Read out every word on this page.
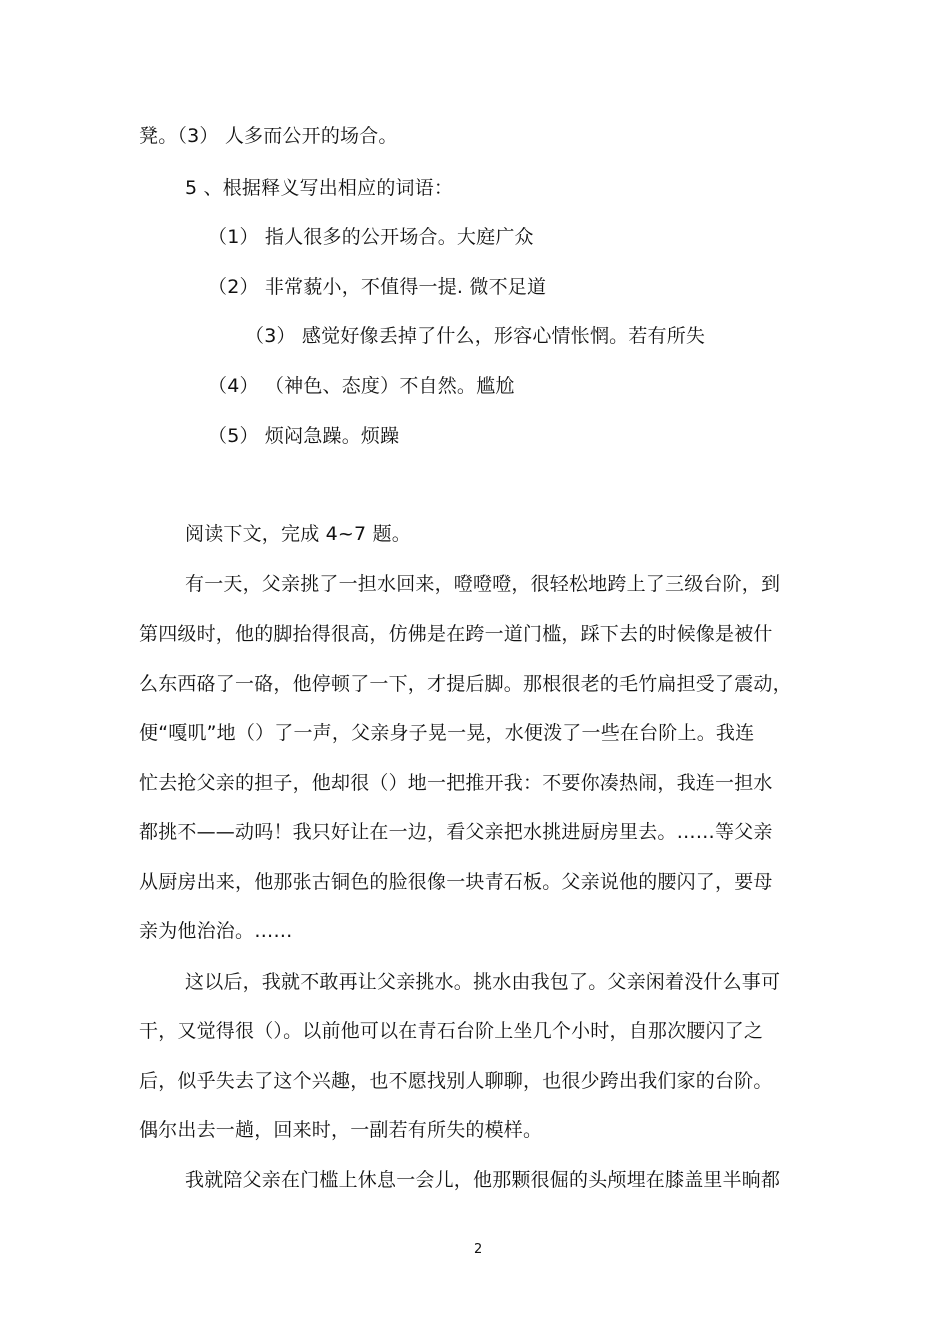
凳。（3） 人多而公开的场合。
5 、根据释义写出相应的词语：
（1） 指人很多的公开场合。大庭广众
（2） 非常藐小，不值得一提. 微不足道
（3） 感觉好像丢掉了什么，形容心情怅惘。若有所失
（4） （神色、态度）不自然。尴尬
（5） 烦闷急躁。烦躁
阅读下文，完成 4~7 题。
有一天，父亲挑了一担水回来，噔噔噔，很轻松地跨上了三级台阶，到
第四级时，他的脚抬得很高，仿佛是在跨一道门槛，踩下去的时候像是被什
么东西硌了一硌，他停顿了一下，才提后脚。那根很老的毛竹扁担受了震动，
便“嘎叽”地（）了一声，父亲身子晃一晃，水便泼了一些在台阶上。我连
忙去抢父亲的担子，他却很（）地一把推开我：不要你凑热闹，我连一担水
都挑不——动吗！我只好让在一边，看父亲把水挑进厨房里去。……等父亲
从厨房出来，他那张古铜色的脸很像一块青石板。父亲说他的腰闪了，要母
亲为他治治。……
这以后，我就不敢再让父亲挑水。挑水由我包了。父亲闲着没什么事可
干，又觉得很（）。以前他可以在青石台阶上坐几个小时，自那次腰闪了之
后，似乎失去了这个兴趣，也不愿找别人聊聊，也很少跨出我们家的台阶。
偶尔出去一趟，回来时，一副若有所失的模样。
我就陪父亲在门槛上休息一会儿，他那颗很倔的头颅埋在膝盖里半晌都
2
